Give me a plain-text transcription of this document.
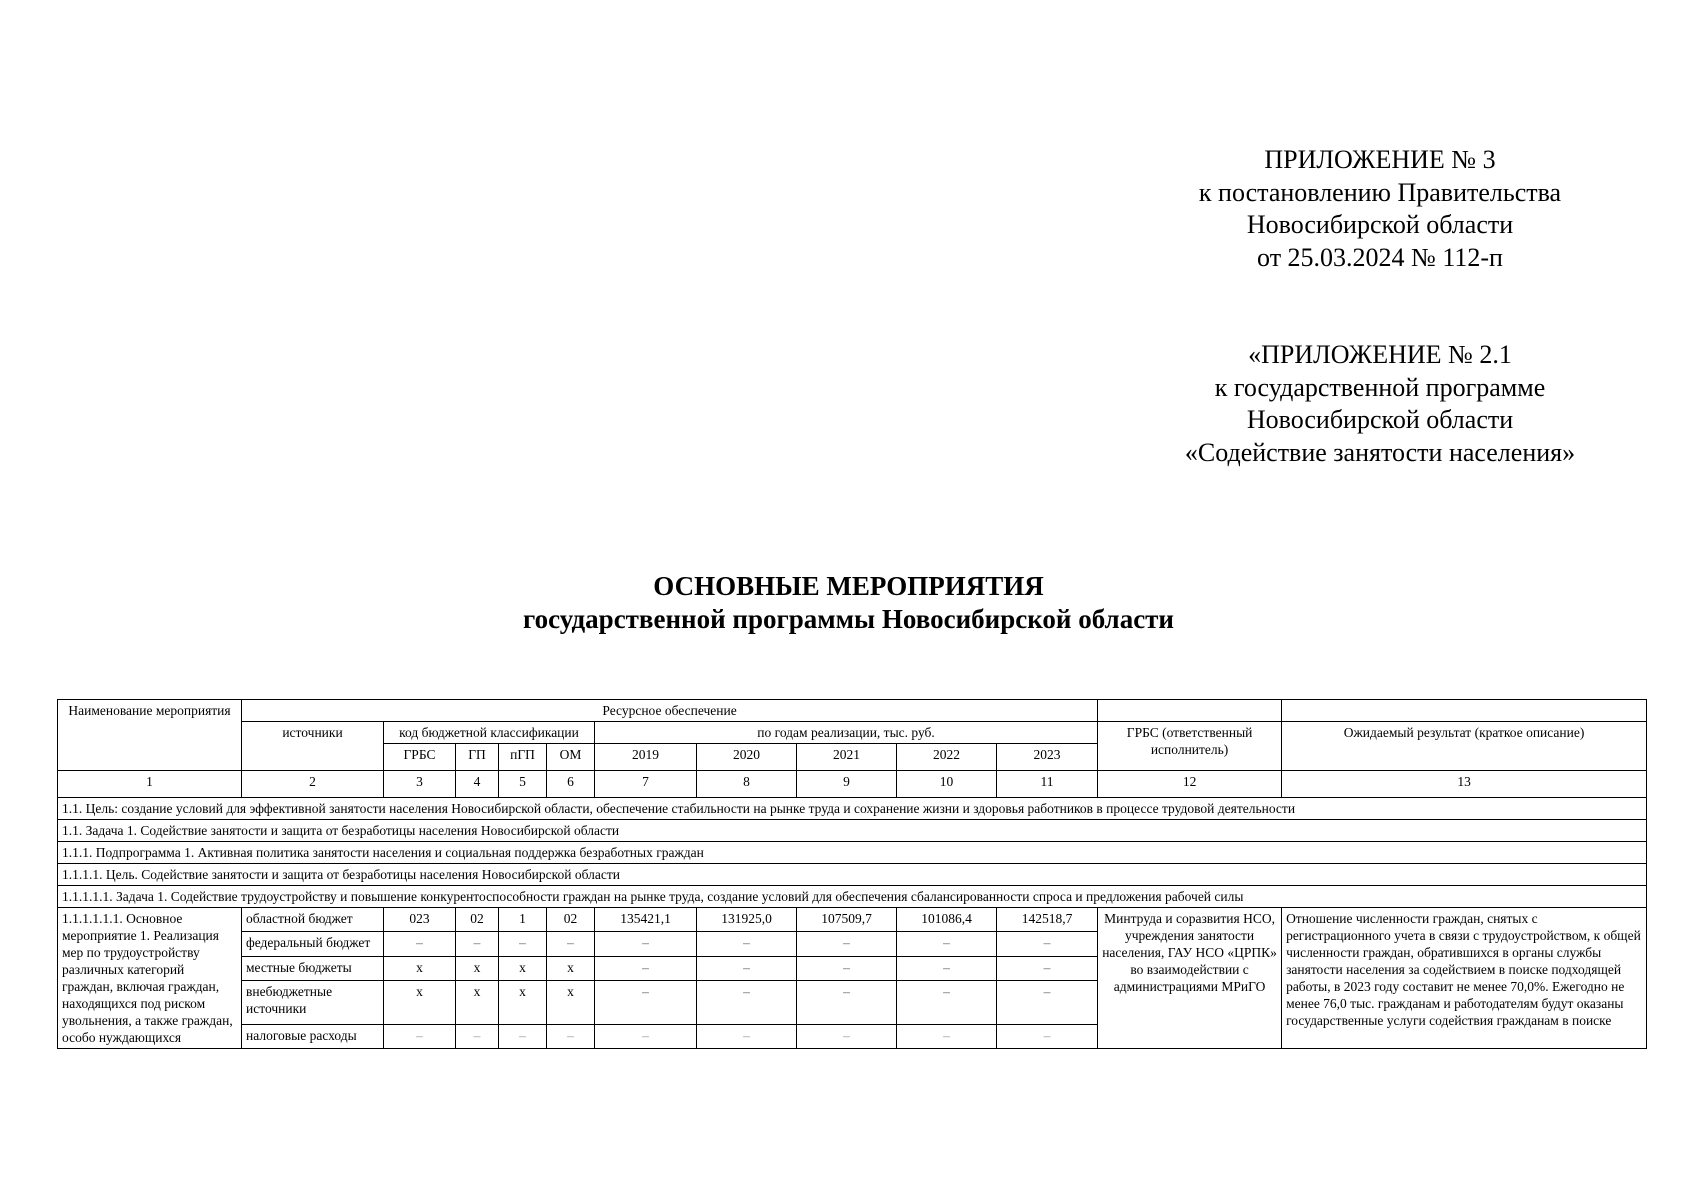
ПРИЛОЖЕНИЕ № 3
к постановлению Правительства
Новосибирской области
от 25.03.2024 № 112-п
«ПРИЛОЖЕНИЕ № 2.1
к государственной программе
Новосибирской области
«Содействие занятости населения»
ОСНОВНЫЕ МЕРОПРИЯТИЯ
государственной программы Новосибирской области
Наименование мероприятия	Ресурсное обеспечение											
	источники	код бюджетной классификации				по годам реализации, тыс. руб.					ГРБС (ответственный исполнитель)	Ожидаемый результат (краткое описание)
		ГРБС	ГП	пГП	ОМ	2019	2020	2021	2022	2023		
1	2	3	4	5	6	7	8	9	10	11	12	13
1.1. Цель: создание условий для эффективной занятости населения Новосибирской области, обеспечение стабильности на рынке труда и сохранение жизни и здоровья работников в процессе трудовой деятельности												
1.1. Задача 1. Содействие занятости и защита от безработицы населения Новосибирской области												
1.1.1. Подпрограмма 1. Активная политика занятости населения и социальная поддержка безработных граждан												
1.1.1.1. Цель. Содействие занятости и защита от безработицы населения Новосибирской области												
1.1.1.1.1. Задача 1. Содействие трудоустройству и повышение конкурентоспособности граждан на рынке труда, создание условий для обеспечения сбалансированности спроса и предложения рабочей силы												
1.1.1.1.1.1. Основное мероприятие 1. Реализация мер по трудоустройству различных категорий граждан, включая граждан, находящихся под риском увольнения, а также граждан, особо нуждающихся	областной бюджет	023	02	1	02	135421,1	131925,0	107509,7	101086,4	142518,7	Минтруда и соразвития НСО, учреждения занятости населения, ГАУ НСО «ЦРПК» во взаимодействии с администрациями МРиГО	Отношение численности граждан, снятых с регистрационного учета в связи с трудоустройством, к общей численности граждан, обратившихся в органы службы занятости населения за содействием в поиске подходящей работы, в 2023 году составит не менее 70,0%. Ежегодно не менее 76,0 тыс. гражданам и работодателям будут оказаны государственные услуги содействия гражданам в поиске
	федеральный бюджет	–	–	–	–	–	–	–	–	–		
	местные бюджеты	x	x	x	x	–	–	–	–	–		
	внебюджетные источники	x	x	x	x	–	–	–	–	–		
	налоговые расходы	–	–	–	–	–	–	–	–	–		
